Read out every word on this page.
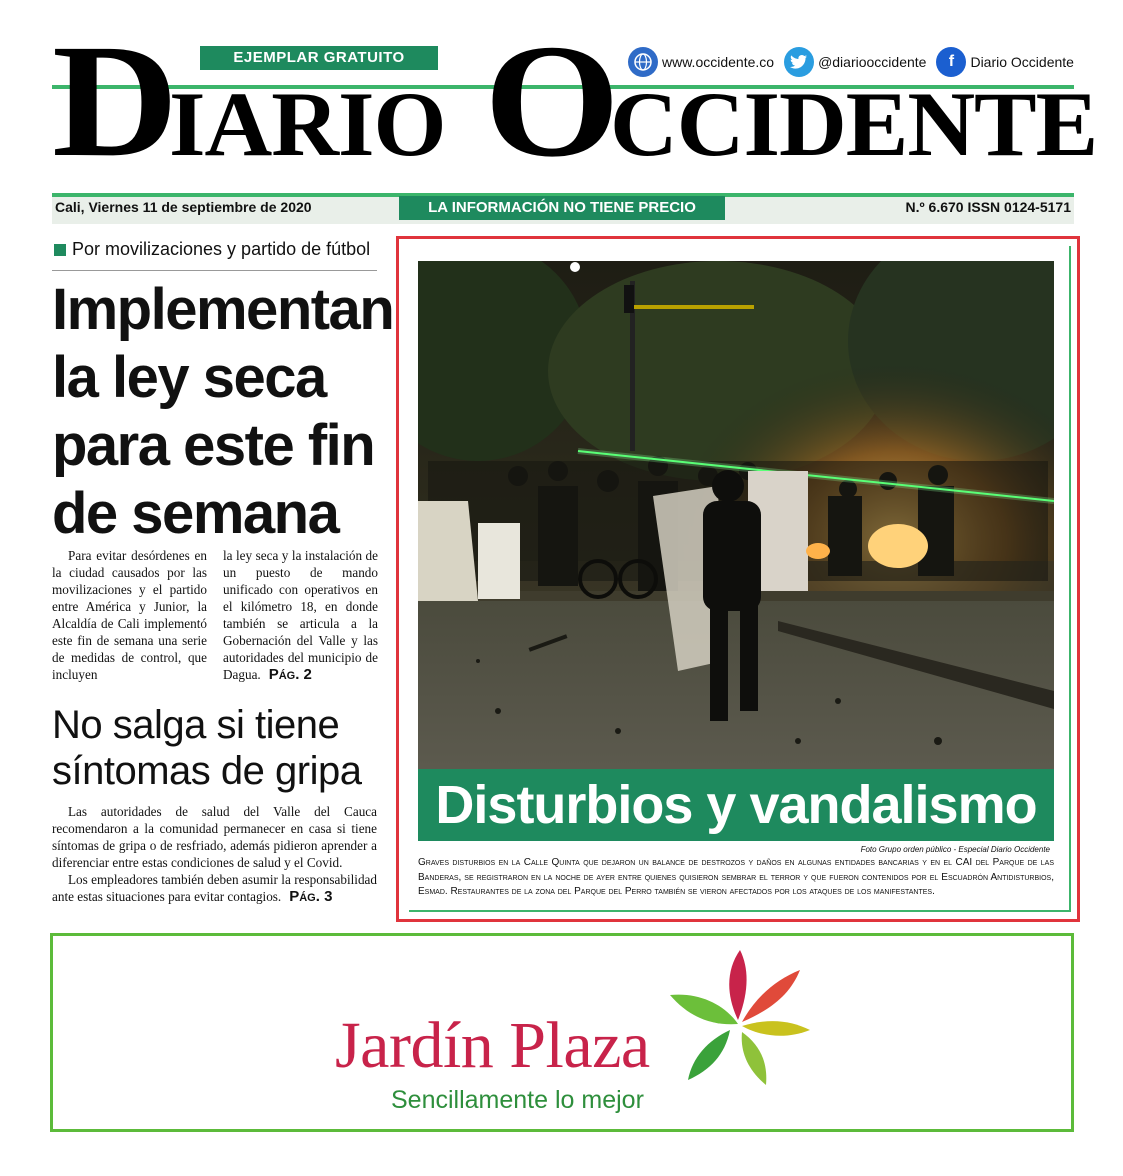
EJEMPLAR GRATUITO	www.occidente.co	@diariooccidente	f	Diario Occidente
DIARIO OCCIDENTE
Cali, Viernes 11 de septiembre de 2020	LA INFORMACIÓN NO TIENE PRECIO	N.º 6.670 ISSN 0124-5171
Por movilizaciones y partido de fútbol
Implementan la ley seca para este fin de semana
Para evitar desórdenes en la ciudad causados por las movilizaciones y el partido entre América y Junior, la Alcaldía de Cali implementó este fin de semana una serie de medidas de control, que incluyen
la ley seca y la instalación de un puesto de mando unificado con operativos en el kilómetro 18, en donde también se articula a la Gobernación del Valle y las autoridades del municipio de Dagua. Pág. 2
No salga si tiene síntomas de gripa

Las autoridades de salud del Valle del Cauca recomendaron a la comunidad permanecer en casa si tiene síntomas de gripa o de resfriado, además pidieron aprender a diferenciar entre estas condiciones de salud y el Covid.

Los empleadores también deben asumir la responsabilidad ante estas situaciones para evitar contagios. Pág. 3

Disturbios y vandalismo
Foto Grupo orden público - Especial Diario Occidente
Graves disturbios en la Calle Quinta que dejaron un balance de destrozos y daños en algunas entidades bancarias y en el CAI del Parque de las Banderas, se registraron en la noche de ayer entre quienes quisieron sembrar el terror y que fueron contenidos por el Escuadrón Antidisturbios, Esmad. Restaurantes de la zona del Parque del Perro también se vieron afectados por los ataques de los manifestantes.
Jardín Plaza
Sencillamente lo mejor
